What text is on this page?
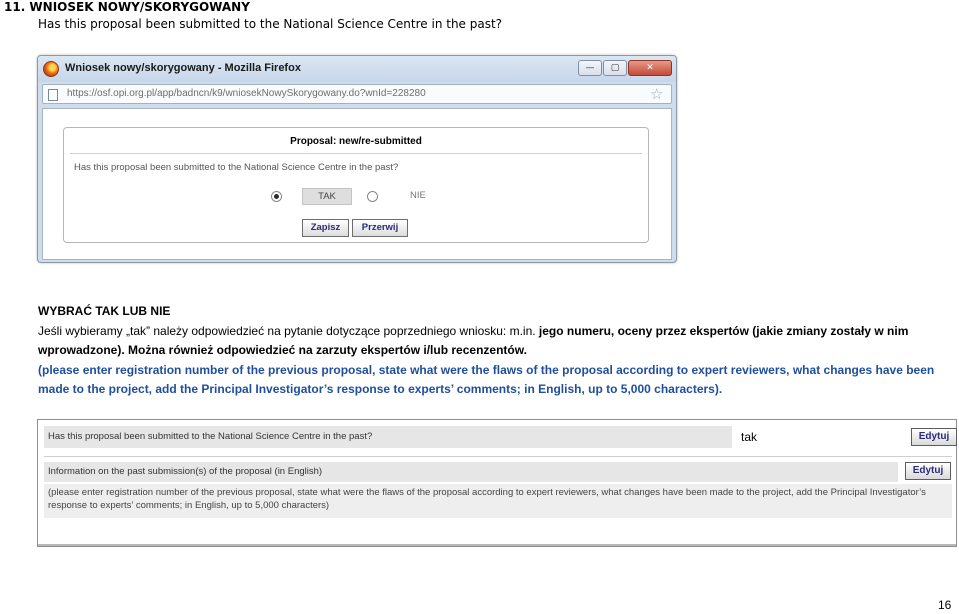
11. WNIOSEK NOWY/SKORYGOWANY
Has this proposal been submitted to the National Science Centre in the past?
Wniosek nowy/skorygowany - Mozilla Firefox	—	▢	✕
https://osf.opi.org.pl/app/badncn/k9/wniosekNowySkorygowany.do?wnId=228280	☆
Proposal: new/re-submitted
Has this proposal been submitted to the National Science Centre in the past?
TAK	NIE
Zapisz	Przerwij
WYBRAĆ TAK LUB NIE
Jeśli wybieramy „tak” należy odpowiedzieć na pytanie dotyczące poprzedniego wniosku: m.in. jego numeru, oceny przez ekspertów (jakie zmiany zostały w nim wprowadzone). Można również odpowiedzieć na zarzuty ekspertów i/lub recenzentów.
(please enter registration number of the previous proposal, state what were the flaws of the proposal according to expert reviewers, what changes have been made to the project, add the Principal Investigator’s response to experts’ comments; in English, up to 5,000 characters).
Has this proposal been submitted to the National Science Centre in the past?	tak	Edytuj
Information on the past submission(s) of the proposal (in English)	Edytuj
(please enter registration number of the previous proposal, state what were the flaws of the proposal according to expert reviewers, what changes have been made to the project, add the Principal Investigator’s response to experts’ comments; in English, up to 5,000 characters)
16
